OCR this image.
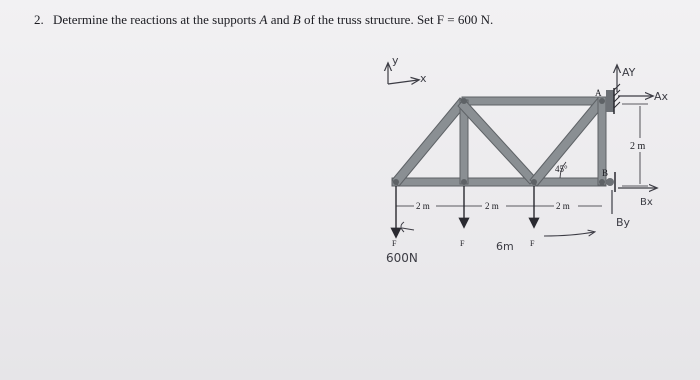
2. Determine the reactions at the supports A and B of the truss structure. Set F = 600 N.
y
x
A
B
AY
Ax
Bx
By
2 m
45°
F	F	F
2 m	2 m	2 m
600N
6m
